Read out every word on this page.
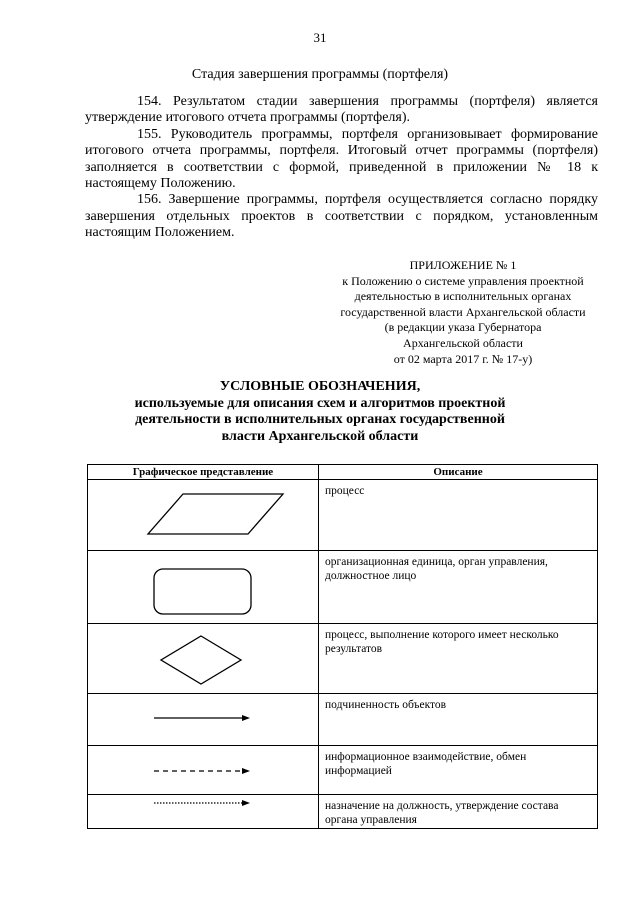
31
Стадия завершения программы (портфеля)

154. Результатом стадии завершения программы (портфеля) является утверждение итогового отчета программы (портфеля).

155. Руководитель программы, портфеля организовывает формирование итогового отчета программы, портфеля. Итоговый отчет программы (портфеля) заполняется в соответствии с формой, приведенной в приложении № 18 к настоящему Положению.

156. Завершение программы, портфеля осуществляется согласно порядку завершения отдельных проектов в соответствии с порядком, установленным настоящим Положением.

ПРИЛОЖЕНИЕ № 1
к Положению о системе управления проектной
деятельностью в исполнительных органах
государственной власти Архангельской области
(в редакции указа Губернатора
Архангельской области
от 02 марта 2017 г. № 17-у)
УСЛОВНЫЕ ОБОЗНАЧЕНИЯ,
используемые для описания схем и алгоритмов проектной
деятельности в исполнительных органах государственной
власти Архангельской области
Графическое представление	Описание

	процесс

	организационная единица, орган управления, должностное лицо

	процесс, выполнение которого имеет несколько результатов

	подчиненность объектов

	информационное взаимодействие, обмен информацией

	назначение на должность, утверждение состава органа управления
